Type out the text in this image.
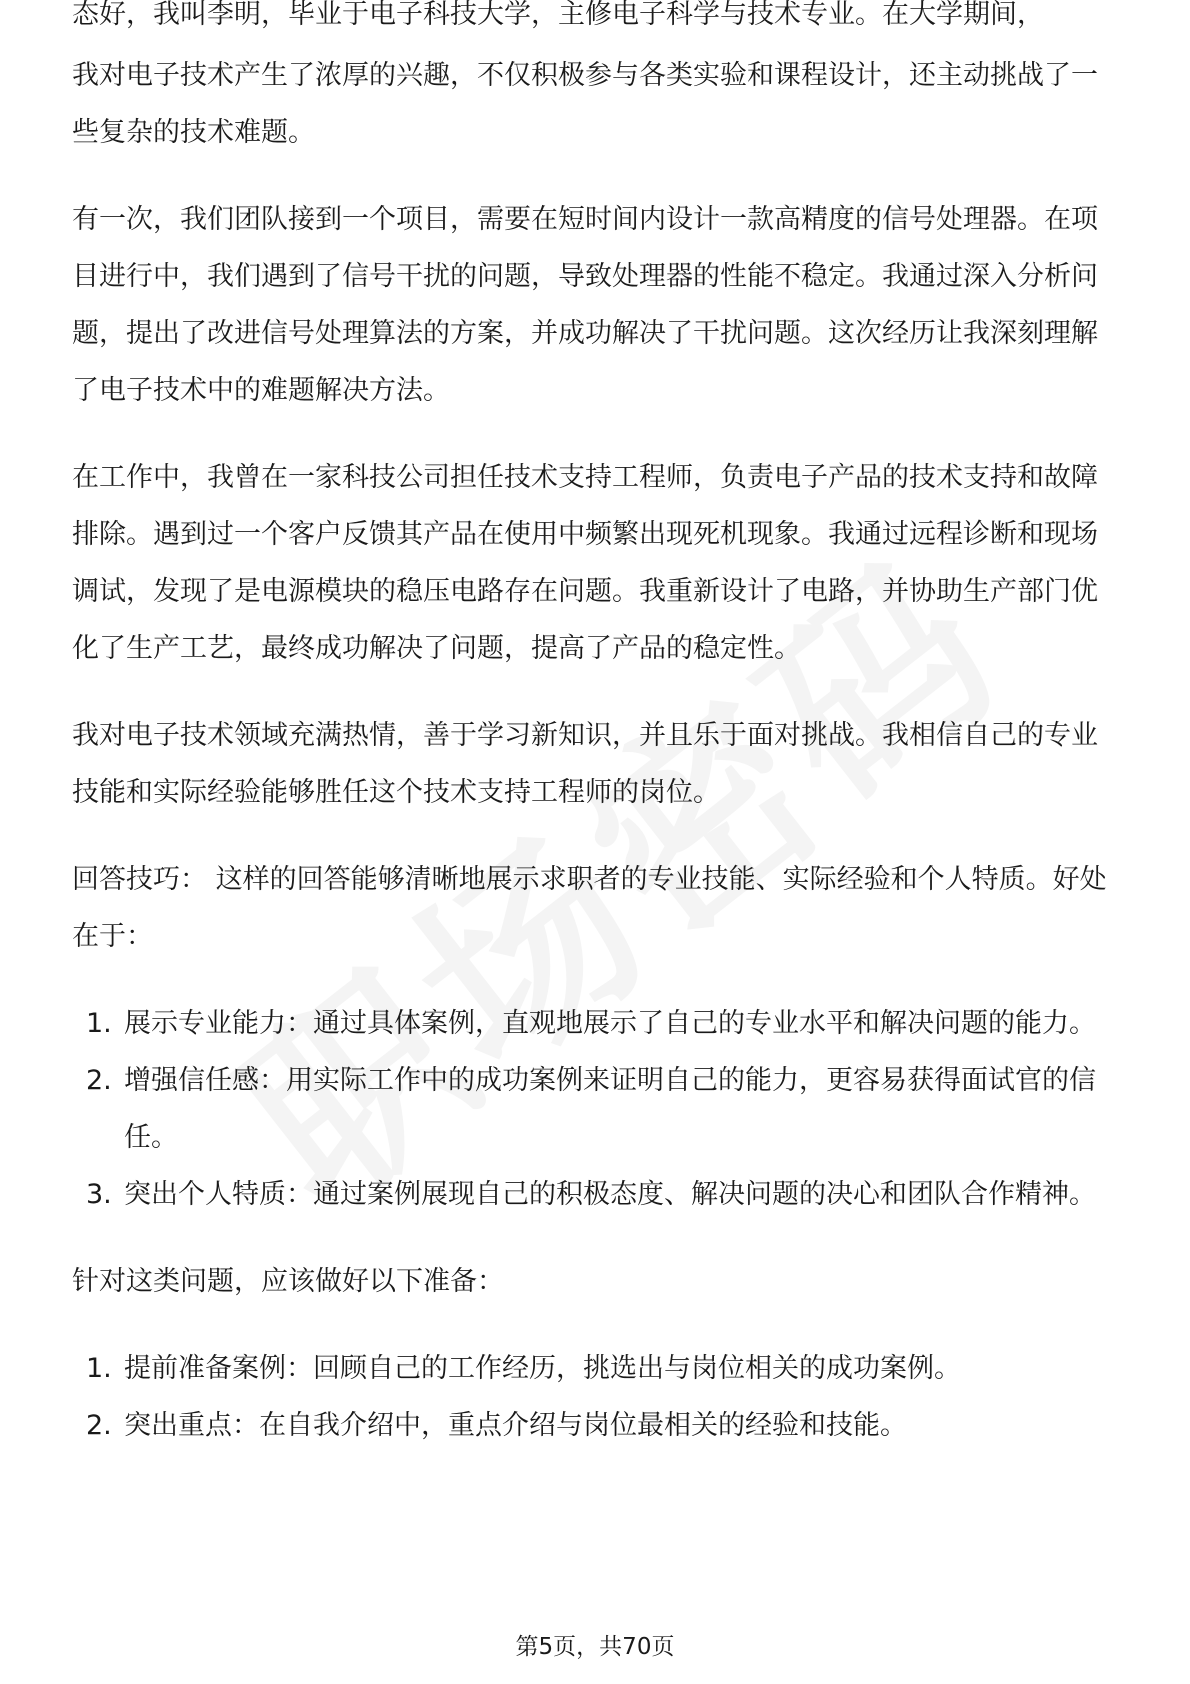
态好，我叫李明，毕业于电子科技大学，主修电子科学与技术专业。在大学期间，

我对电子技术产生了浓厚的兴趣，不仅积极参与各类实验和课程设计，还主动挑战了一些复杂的技术难题。

有一次，我们团队接到一个项目，需要在短时间内设计一款高精度的信号处理器。在项目进行中，我们遇到了信号干扰的问题，导致处理器的性能不稳定。我通过深入分析问题，提出了改进信号处理算法的方案，并成功解决了干扰问题。这次经历让我深刻理解了电子技术中的难题解决方法。

在工作中，我曾在一家科技公司担任技术支持工程师，负责电子产品的技术支持和故障排除。遇到过一个客户反馈其产品在使用中频繁出现死机现象。我通过远程诊断和现场调试，发现了是电源模块的稳压电路存在问题。我重新设计了电路，并协助生产部门优化了生产工艺，最终成功解决了问题，提高了产品的稳定性。

我对电子技术领域充满热情，善于学习新知识，并且乐于面对挑战。我相信自己的专业技能和实际经验能够胜任这个技术支持工程师的岗位。

回答技巧： 这样的回答能够清晰地展示求职者的专业技能、实际经验和个人特质。好处在于：

1. 展示专业能力：通过具体案例，直观地展示了自己的专业水平和解决问题的能力。
2. 增强信任感：用实际工作中的成功案例来证明自己的能力，更容易获得面试官的信任。
3. 突出个人特质：通过案例展现自己的积极态度、解决问题的决心和团队合作精神。

针对这类问题，应该做好以下准备：

1. 提前准备案例：回顾自己的工作经历，挑选出与岗位相关的成功案例。
2. 突出重点：在自我介绍中，重点介绍与岗位最相关的经验和技能。
第5页，共70页
